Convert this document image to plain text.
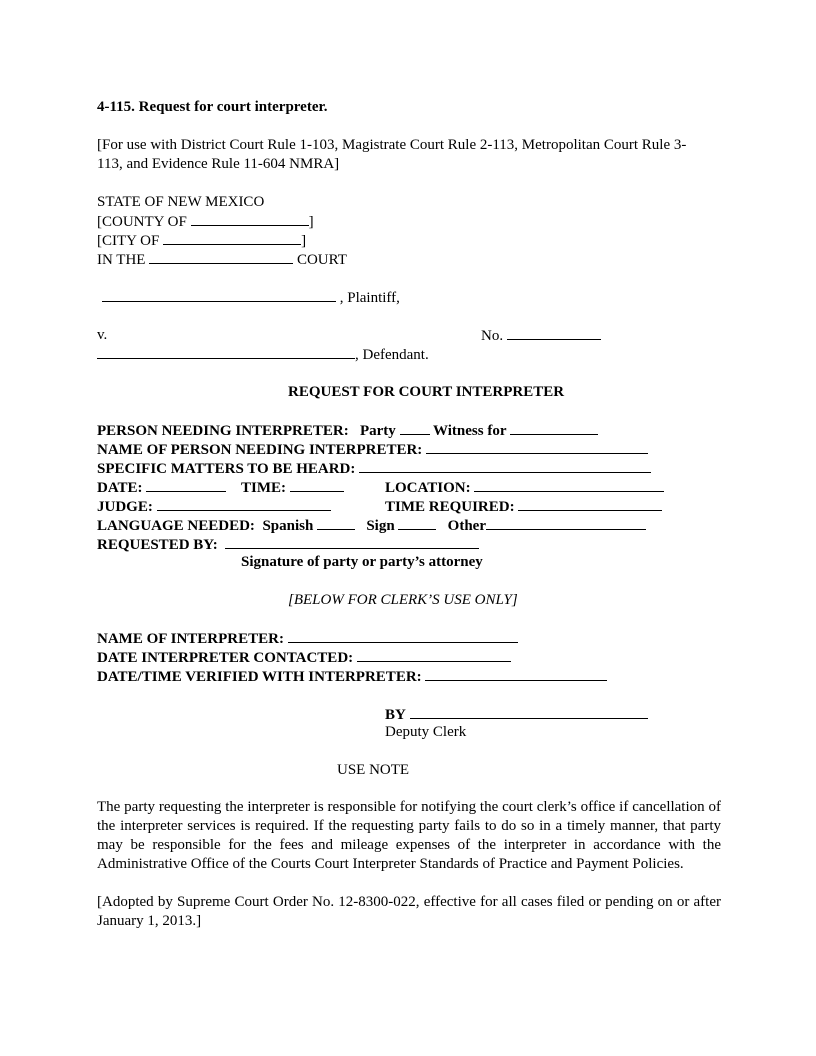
4-115. Request for court interpreter.
[For use with District Court Rule 1-103, Magistrate Court Rule 2-113, Metropolitan Court Rule 3-
113, and Evidence Rule 11-604 NMRA]
STATE OF NEW MEXICO
[COUNTY OF	]
[CITY OF	]
IN THE	COURT
, Plaintiff,
v.	No.
, Defendant.
REQUEST FOR COURT INTERPRETER
PERSON NEEDING INTERPRETER: Party Witness for
NAME OF PERSON NEEDING INTERPRETER:
SPECIFIC MATTERS TO BE HEARD:
DATE:	TIME:	LOCATION:
JUDGE:	TIME REQUIRED:
LANGUAGE NEEDED: Spanish	Sign	Other
REQUESTED BY:
Signature of party or party’s attorney
[BELOW FOR CLERK’S USE ONLY]
NAME OF INTERPRETER:
DATE INTERPRETER CONTACTED:
DATE/TIME VERIFIED WITH INTERPRETER:
BY
Deputy Clerk
USE NOTE
The party requesting the interpreter is responsible for notifying the court clerk’s office if cancellation of the interpreter services is required. If the requesting party fails to do so in a timely manner, that party may be responsible for the fees and mileage expenses of the interpreter in accordance with the Administrative Office of the Courts Court Interpreter Standards of Practice and Payment Policies.
[Adopted by Supreme Court Order No. 12-8300-022, effective for all cases filed or pending on or after January 1, 2013.]
